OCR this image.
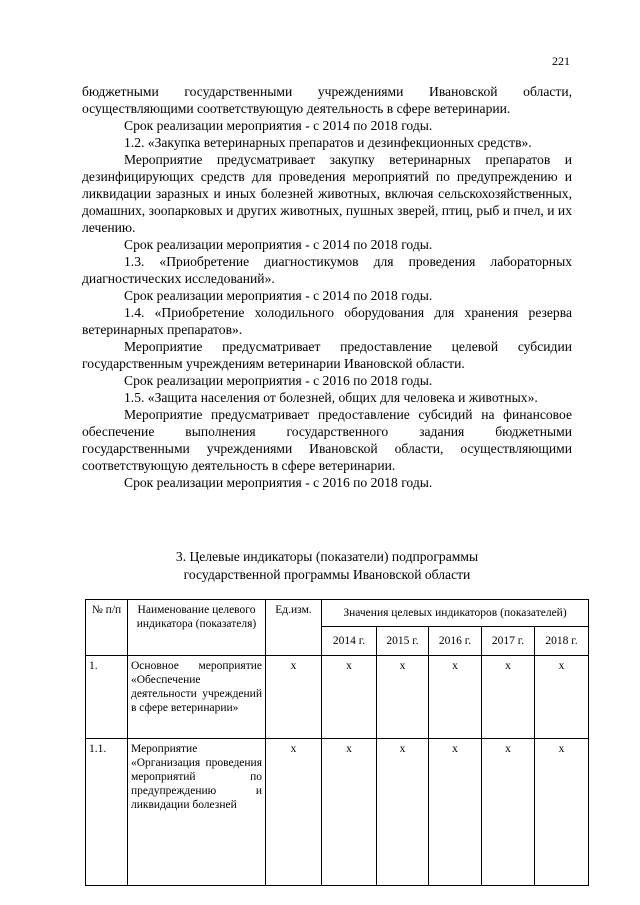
221

бюджетными государственными учреждениями Ивановской области, осуществляющими соответствующую деятельность в сфере ветеринарии.

Срок реализации мероприятия - с 2014 по 2018 годы.

1.2. «Закупка ветеринарных препаратов и дезинфекционных средств».

Мероприятие предусматривает закупку ветеринарных препаратов и дезинфицирующих средств для проведения мероприятий по предупреждению и ликвидации заразных и иных болезней животных, включая сельскохозяйственных, домашних, зоопарковых и других животных, пушных зверей, птиц, рыб и пчел, и их лечению.

Срок реализации мероприятия - с 2014 по 2018 годы.

1.3. «Приобретение диагностикумов для проведения лабораторных диагностических исследований».

Срок реализации мероприятия - с 2014 по 2018 годы.

1.4. «Приобретение холодильного оборудования для хранения резерва ветеринарных препаратов».

Мероприятие предусматривает предоставление целевой субсидии государственным учреждениям ветеринарии Ивановской области.

Срок реализации мероприятия - с 2016 по 2018 годы.

1.5. «Защита населения от болезней, общих для человека и животных».

Мероприятие предусматривает предоставление субсидий на финансовое обеспечение выполнения государственного задания бюджетными государственными учреждениями Ивановской области, осуществляющими соответствующую деятельность в сфере ветеринарии.

Срок реализации мероприятия - с 2016 по 2018 годы.

3. Целевые индикаторы (показатели) подпрограммы
государственной программы Ивановской области
№ п/п	Наименование целевого индикатора (показателя)	Ед.изм.	Значения целевых индикаторов (показателей)				
			2014 г.	2015 г.	2016 г.	2017 г.	2018 г.
1.	Основное мероприятие «Обеспечение деятельности учреждений в сфере ветеринарии»	х	х	х	х	х	х
1.1.	Мероприятие «Организация проведения мероприятий по предупреждению и ликвидации болезней	х	х	х	х	х	х
